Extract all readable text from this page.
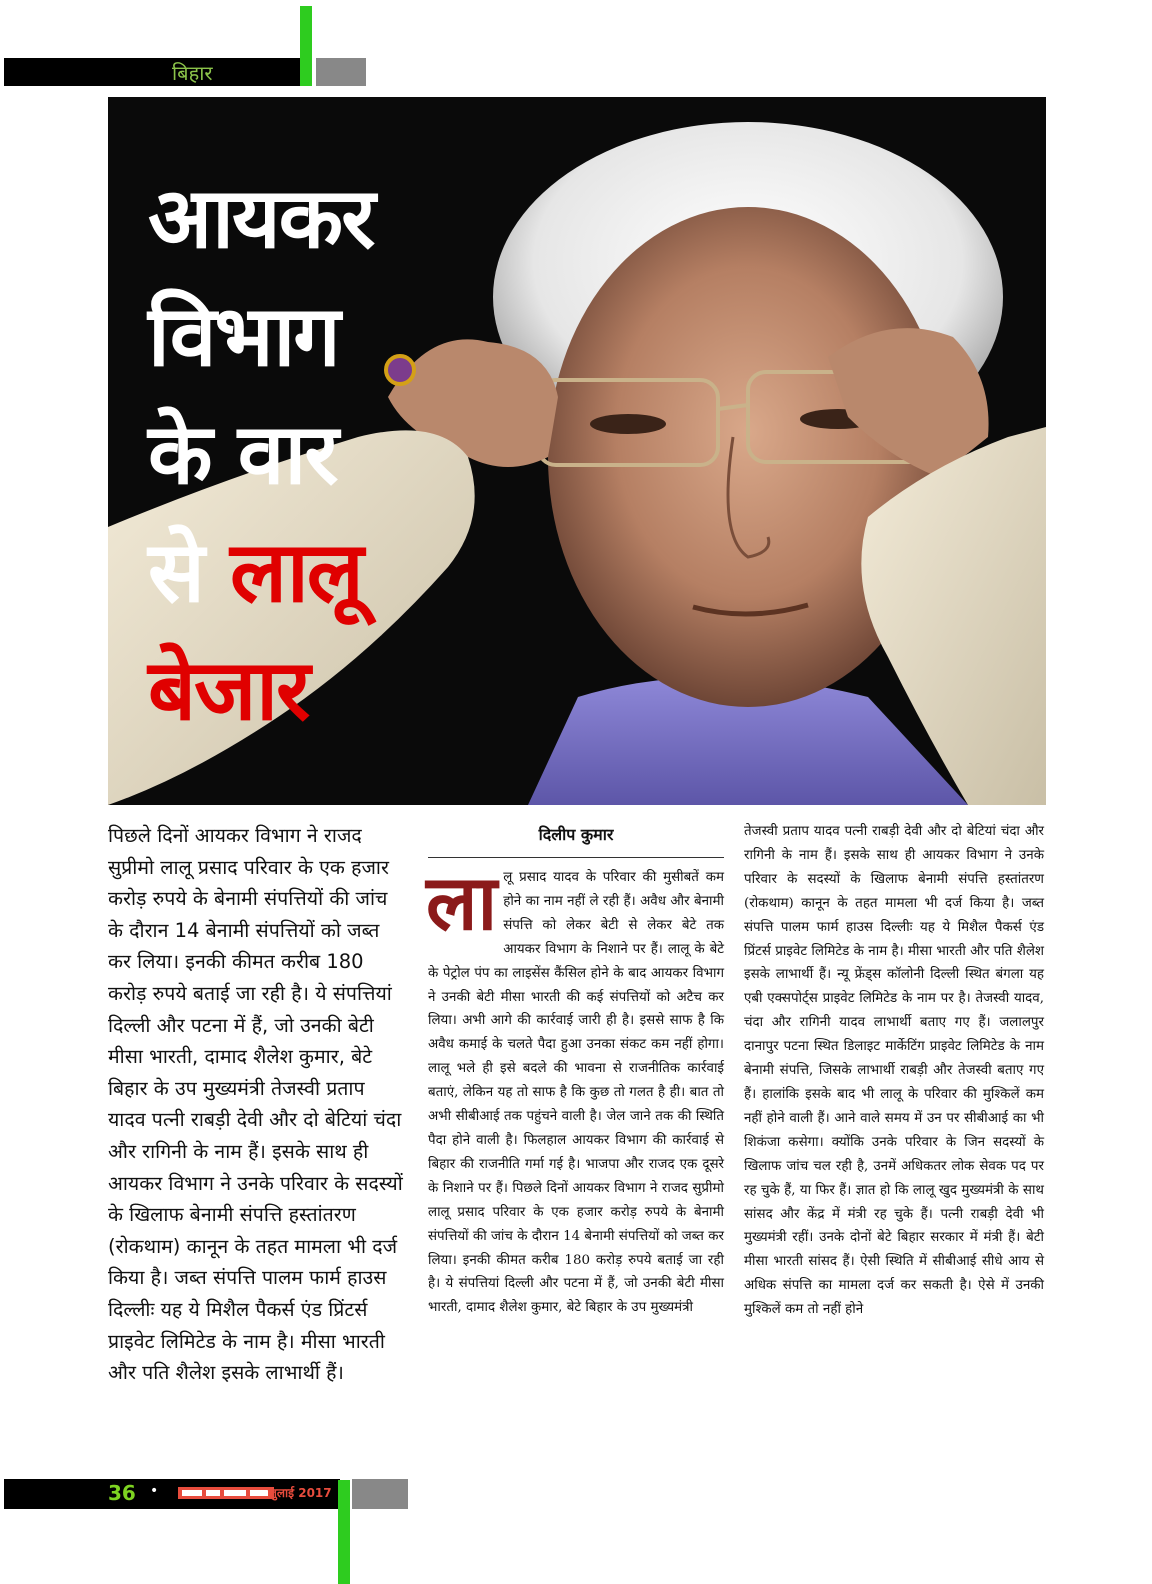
बिहार
आयकर
विभाग
के वार
से लालू
बेजार
पिछले दिनों आयकर विभाग ने राजद सुप्रीमो लालू प्रसाद परिवार के एक हजार करोड़ रुपये के बेनामी संपत्तियों की जांच के दौरान 14 बेनामी संपत्तियों को जब्त कर लिया। इनकी कीमत करीब 180 करोड़ रुपये बताई जा रही है। ये संपत्तियां दिल्ली और पटना में हैं, जो उनकी बेटी मीसा भारती, दामाद शैलेश कुमार, बेटे बिहार के उप मुख्यमंत्री तेजस्वी प्रताप यादव पत्नी राबड़ी देवी और दो बेटियां चंदा और रागिनी के नाम हैं। इसके साथ ही आयकर विभाग ने उनके परिवार के सदस्यों के खिलाफ बेनामी संपत्ति हस्तांतरण (रोकथाम) कानून के तहत मामला भी दर्ज किया है। जब्त संपत्ति पालम फार्म हाउस दिल्लीः यह ये मिशैल पैकर्स एंड प्रिंटर्स प्राइवेट लिमिटेड के नाम है। मीसा भारती और पति शैलेश इसके लाभार्थी हैं।
दिलीप कुमार
लालू प्रसाद यादव के परिवार की मुसीबतें कम होने का नाम नहीं ले रही हैं। अवैध और बेनामी संपत्ति को लेकर बेटी से लेकर बेटे तक आयकर विभाग के निशाने पर हैं। लालू के बेटे के पेट्रोल पंप का लाइसेंस कैंसिल होने के बाद आयकर विभाग ने उनकी बेटी मीसा भारती की कई संपत्तियों को अटैच कर लिया। अभी आगे की कार्रवाई जारी ही है। इससे साफ है कि अवैध कमाई के चलते पैदा हुआ उनका संकट कम नहीं होगा। लालू भले ही इसे बदले की भावना से राजनीतिक कार्रवाई बताएं, लेकिन यह तो साफ है कि कुछ तो गलत है ही। बात तो अभी सीबीआई तक पहुंचने वाली है। जेल जाने तक की स्थिति पैदा होने वाली है। फिलहाल आयकर विभाग की कार्रवाई से बिहार की राजनीति गर्मा गई है। भाजपा और राजद एक दूसरे के निशाने पर हैं। पिछले दिनों आयकर विभाग ने राजद सुप्रीमो लालू प्रसाद परिवार के एक हजार करोड़ रुपये के बेनामी संपत्तियों की जांच के दौरान 14 बेनामी संपत्तियों को जब्त कर लिया। इनकी कीमत करीब 180 करोड़ रुपये बताई जा रही है। ये संपत्तियां दिल्ली और पटना में हैं, जो उनकी बेटी मीसा भारती, दामाद शैलेश कुमार, बेटे बिहार के उप मुख्यमंत्री
तेजस्वी प्रताप यादव पत्नी राबड़ी देवी और दो बेटियां चंदा और रागिनी के नाम हैं। इसके साथ ही आयकर विभाग ने उनके परिवार के सदस्यों के खिलाफ बेनामी संपत्ति हस्तांतरण (रोकथाम) कानून के तहत मामला भी दर्ज किया है। जब्त संपत्ति पालम फार्म हाउस दिल्लीः यह ये मिशैल पैकर्स एंड प्रिंटर्स प्राइवेट लिमिटेड के नाम है। मीसा भारती और पति शैलेश इसके लाभार्थी हैं। न्यू फ्रेंड्स कॉलोनी दिल्ली स्थित बंगला यह एबी एक्सपोर्ट्स प्राइवेट लिमिटेड के नाम पर है। तेजस्वी यादव, चंदा और रागिनी यादव लाभार्थी बताए गए हैं। जलालपुर दानापुर पटना स्थित डिलाइट मार्केटिंग प्राइवेट लिमिटेड के नाम बेनामी संपत्ति, जिसके लाभार्थी राबड़ी और तेजस्वी बताए गए हैं। हालांकि इसके बाद भी लालू के परिवार की मुश्किलें कम नहीं होने वाली हैं। आने वाले समय में उन पर सीबीआई का भी शिकंजा कसेगा। क्योंकि उनके परिवार के जिन सदस्यों के खिलाफ जांच चल रही है, उनमें अधिकतर लोक सेवक पद पर रह चुके हैं, या फिर हैं। ज्ञात हो कि लालू खुद मुख्यमंत्री के साथ सांसद और केंद्र में मंत्री रह चुके हैं। पत्नी राबड़ी देवी भी मुख्यमंत्री रहीं। उनके दोनों बेटे बिहार सरकार में मंत्री हैं। बेटी मीसा भारती सांसद हैं। ऐसी स्थिति में सीबीआई सीधे आय से अधिक संपत्ति का मामला दर्ज कर सकती है। ऐसे में उनकी मुश्किलें कम तो नहीं होने
36 •	जुलाई 2017
